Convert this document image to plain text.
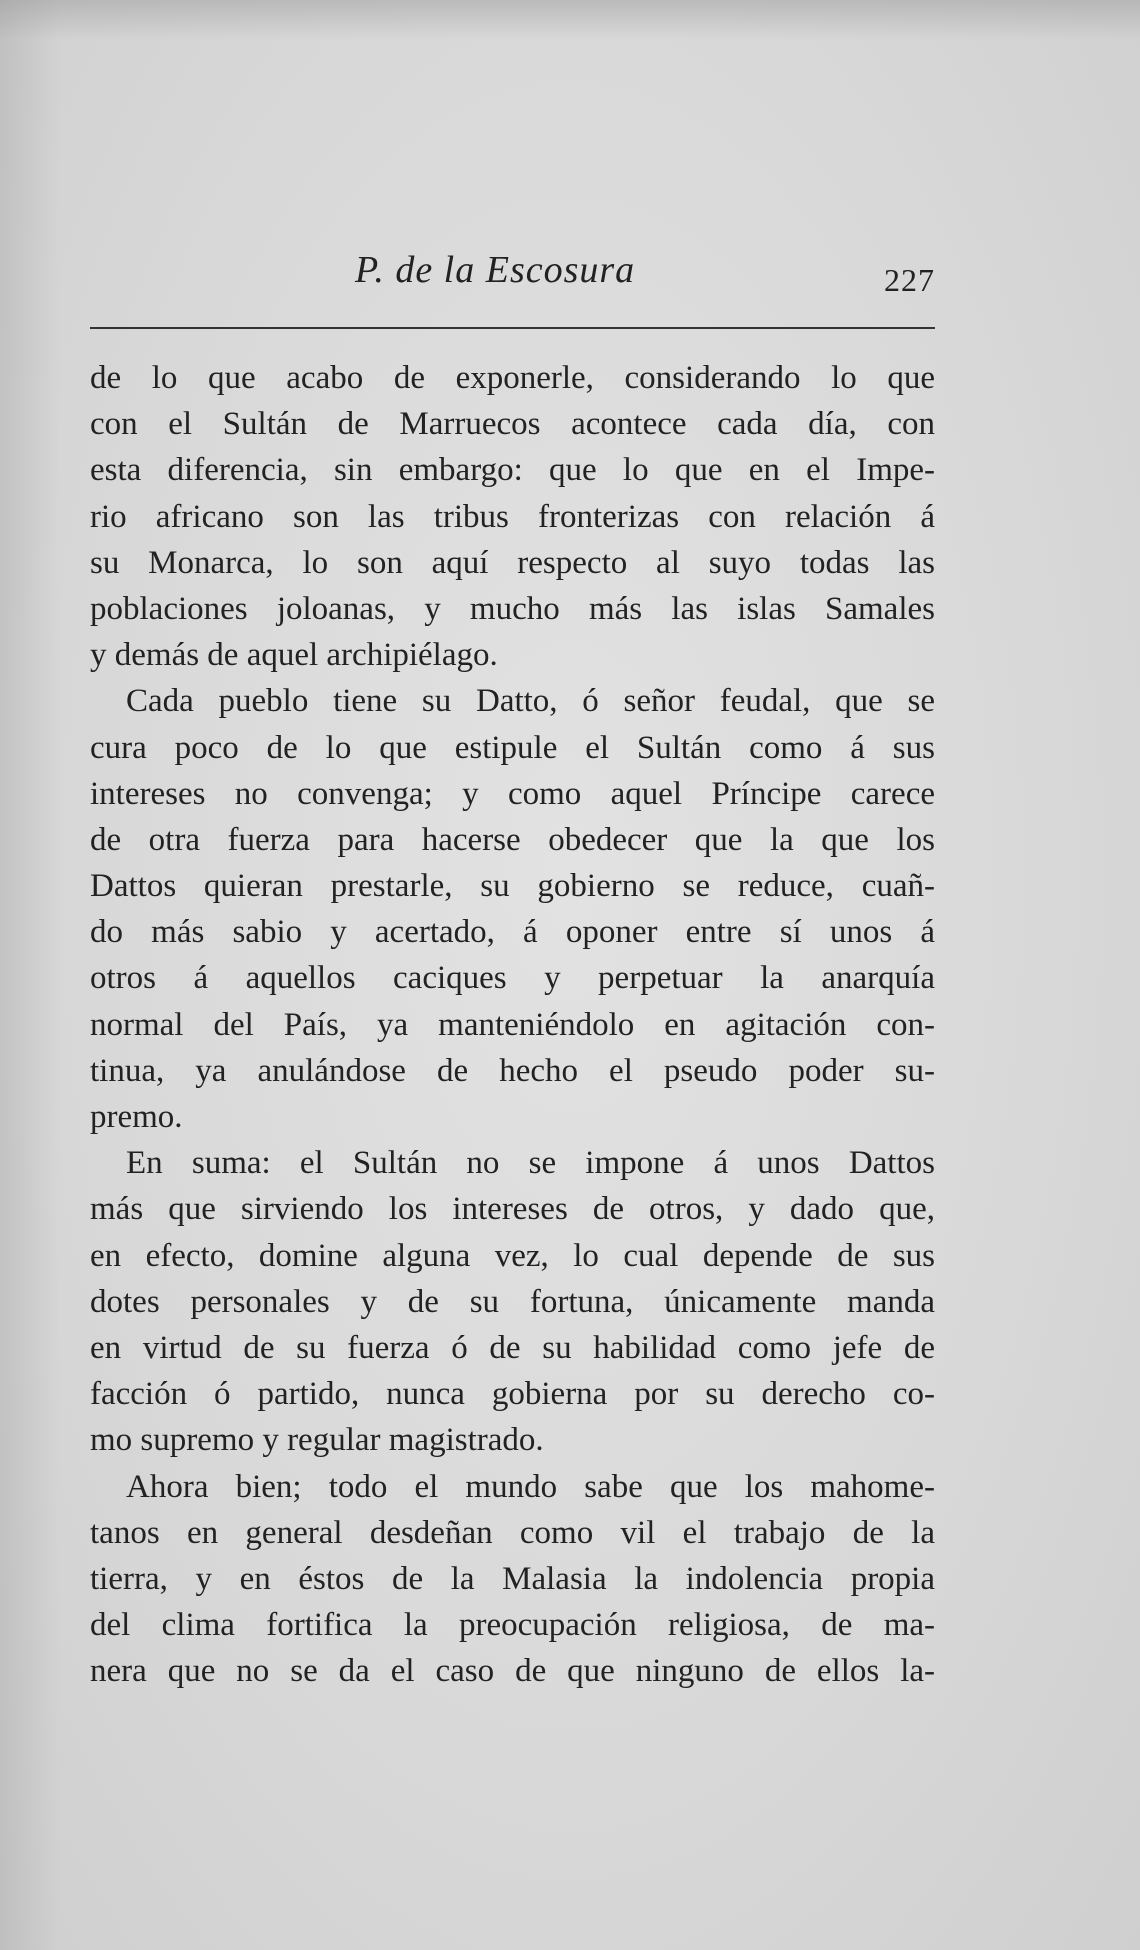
P. de la Escosura	227
de lo que acabo de exponerle, considerando lo que
con el Sultán de Marruecos acontece cada día, con
esta diferencia, sin embargo: que lo que en el Impe-
rio africano son las tribus fronterizas con relación á
su Monarca, lo son aquí respecto al suyo todas las
poblaciones joloanas, y mucho más las islas Samales
y demás de aquel archipiélago.
Cada pueblo tiene su Datto, ó señor feudal, que se
cura poco de lo que estipule el Sultán como á sus
intereses no convenga; y como aquel Príncipe carece
de otra fuerza para hacerse obedecer que la que los
Dattos quieran prestarle, su gobierno se reduce, cuañ-
do más sabio y acertado, á oponer entre sí unos á
otros á aquellos caciques y perpetuar la anarquía
normal del País, ya manteniéndolo en agitación con-
tinua, ya anulándose de hecho el pseudo poder su-
premo.
En suma: el Sultán no se impone á unos Dattos
más que sirviendo los intereses de otros, y dado que,
en efecto, domine alguna vez, lo cual depende de sus
dotes personales y de su fortuna, únicamente manda
en virtud de su fuerza ó de su habilidad como jefe de
facción ó partido, nunca gobierna por su derecho co-
mo supremo y regular magistrado.
Ahora bien; todo el mundo sabe que los mahome-
tanos en general desdeñan como vil el trabajo de la
tierra, y en éstos de la Malasia la indolencia propia
del clima fortifica la preocupación religiosa, de ma-
nera que no se da el caso de que ninguno de ellos la-
